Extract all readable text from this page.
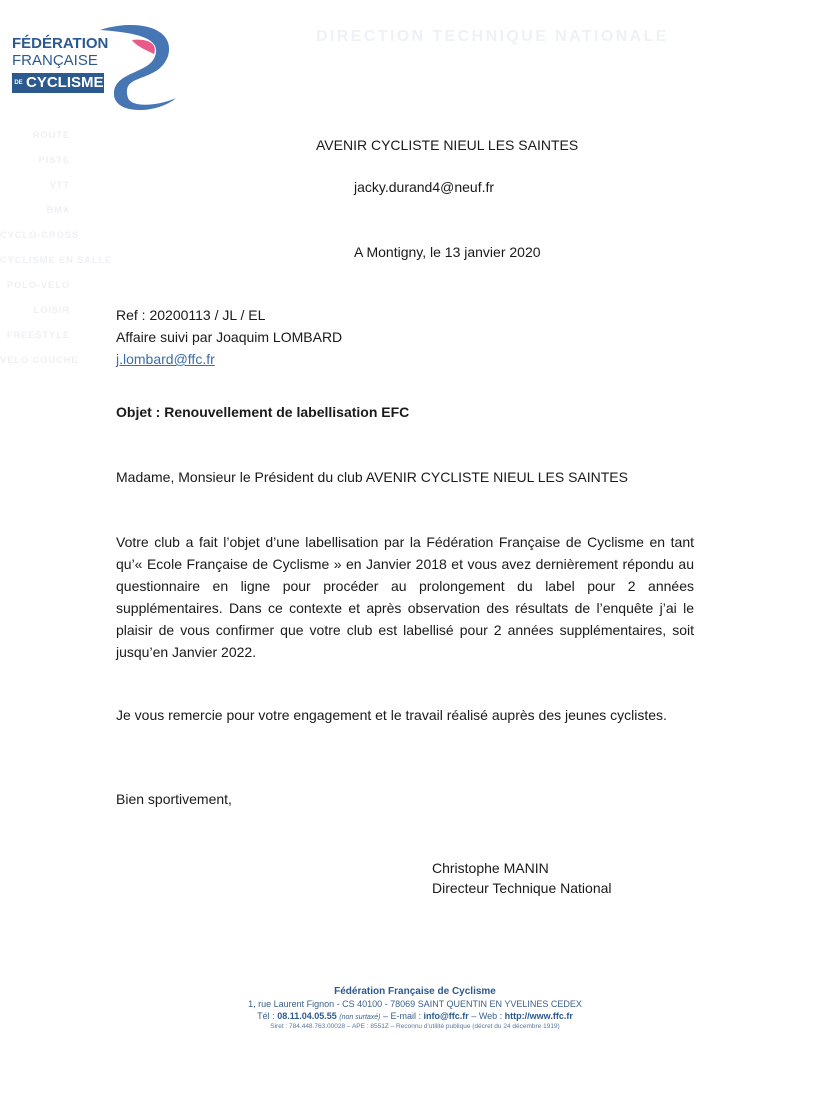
FÉDÉRATION
FRANÇAISE
DE CYCLISME
DIRECTION TECHNIQUE NATIONALE
ROUTE
PISTE
VTT
BMX
CYCLO-CROSS
CYCLISME EN SALLE
POLO-VELO
LOISIR
FREESTYLE
VELO COUCHE
AVENIR CYCLISTE NIEUL LES SAINTES
jacky.durand4@neuf.fr
A Montigny, le 13 janvier 2020
Ref : 20200113 / JL / EL
Affaire suivi par Joaquim LOMBARD
j.lombard@ffc.fr
Objet : Renouvellement de labellisation EFC
Madame, Monsieur le Président du club AVENIR CYCLISTE NIEUL LES SAINTES
Votre club a fait l’objet d’une labellisation par la Fédération Française de Cyclisme en tant qu’« Ecole Française de Cyclisme » en Janvier 2018 et vous avez dernièrement répondu au questionnaire en ligne pour procéder au prolongement du label pour 2 années supplémentaires. Dans ce contexte et après observation des résultats de l’enquête j’ai le plaisir de vous confirmer que votre club est labellisé pour 2 années supplémentaires, soit jusqu’en Janvier 2022.
Je vous remercie pour votre engagement et le travail réalisé auprès des jeunes cyclistes.
Bien sportivement,
Christophe MANIN
Directeur Technique National
Fédération Française de Cyclisme
1, rue Laurent Fignon - CS 40100 - 78069 SAINT QUENTIN EN YVELINES CEDEX
Tél : 08.11.04.05.55 (non surtaxé) – E-mail : info@ffc.fr – Web : http://www.ffc.fr
Siret : 784.448.763.00028 – APE : 8551Z – Reconnu d’utilité publique (décret du 24 décembre 1919)
